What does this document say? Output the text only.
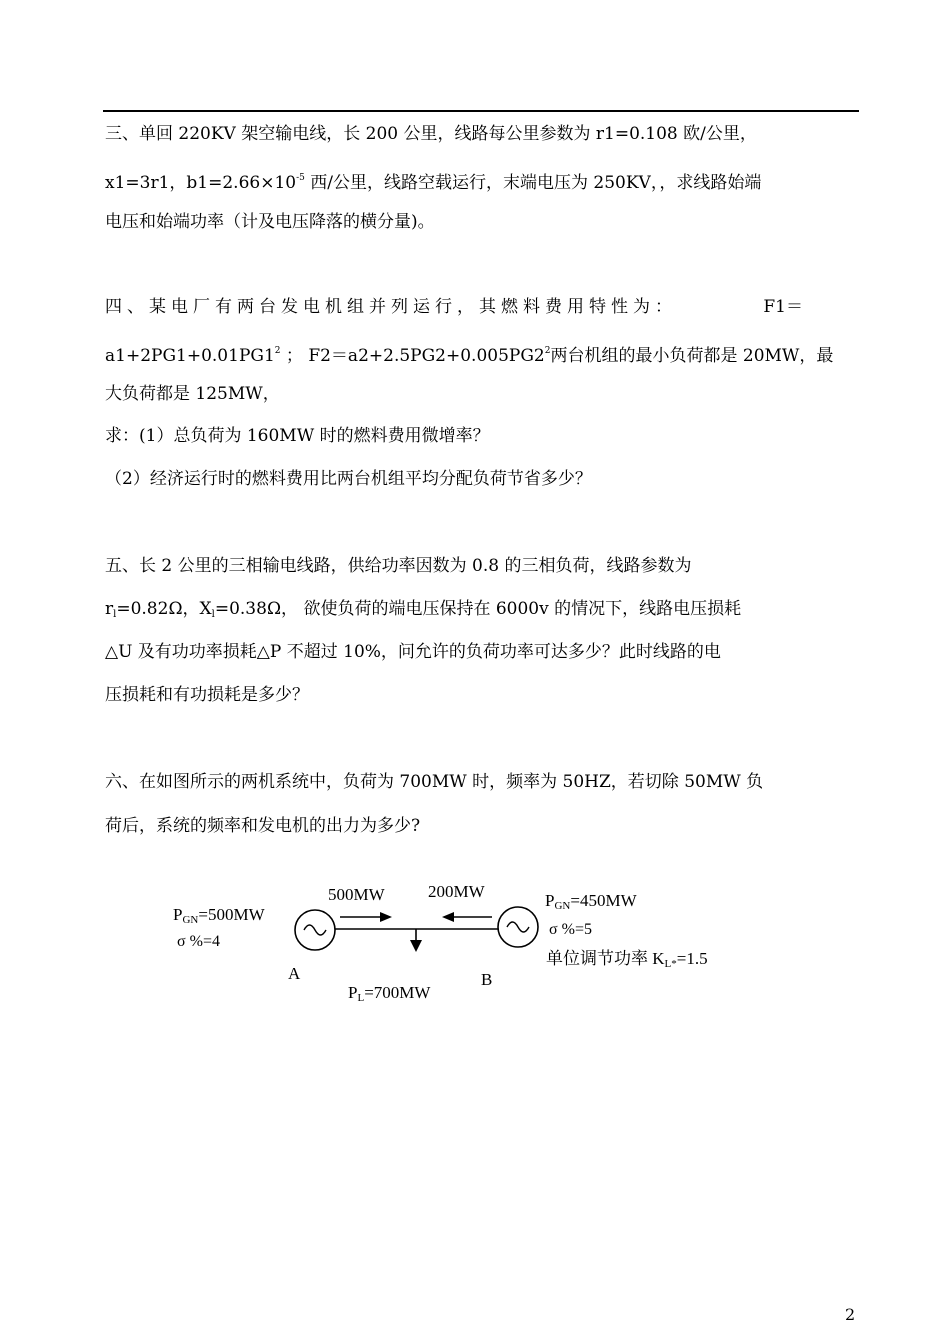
三、单回 220KV 架空输电线，长 200 公里，线路每公里参数为 r1=0.108 欧/公里，
x1=3r1，$b1=2.66\times 10^{-5}$ 西/公里，线路空载运行，末端电压为 250KV，，求线路始端
电压和始端功率（计及电压降落的横分量)。
四、某电厂有两台发电机组并列运行，其燃料费用特性为：	F1＝
$a1+2PG1+0.01PG1^2$ ； $F2=a2+2.5PG2+0.005PG2^2$两台机组的最小负荷都是 20MW，最
大负荷都是 125MW，
求：(1）总负荷为 160MW 时的燃料费用微增率？
（2）经济运行时的燃料费用比两台机组平均分配负荷节省多少？
五、长 2 公里的三相输电线路，供给功率因数为 0.8 的三相负荷，线路参数为
$r_l=0.82\Omega$，$X_l=0.38\Omega$， 欲使负荷的端电压保持在 6000v 的情况下，线路电压损耗
△U 及有功功率损耗△P 不超过 10%，问允许的负荷功率可达多少？此时线路的电
压损耗和有功损耗是多少？
六、在如图所示的两机系统中，负荷为 700MW 时，频率为 50HZ，若切除 50MW 负
荷后，系统的频率和发电机的出力为多少?
500MW	200MW
PGN=500MW
σ %=4
A
PGN=450MW
σ %=5
单位调节功率 KL*=1.5
B
PL=700MW
2
